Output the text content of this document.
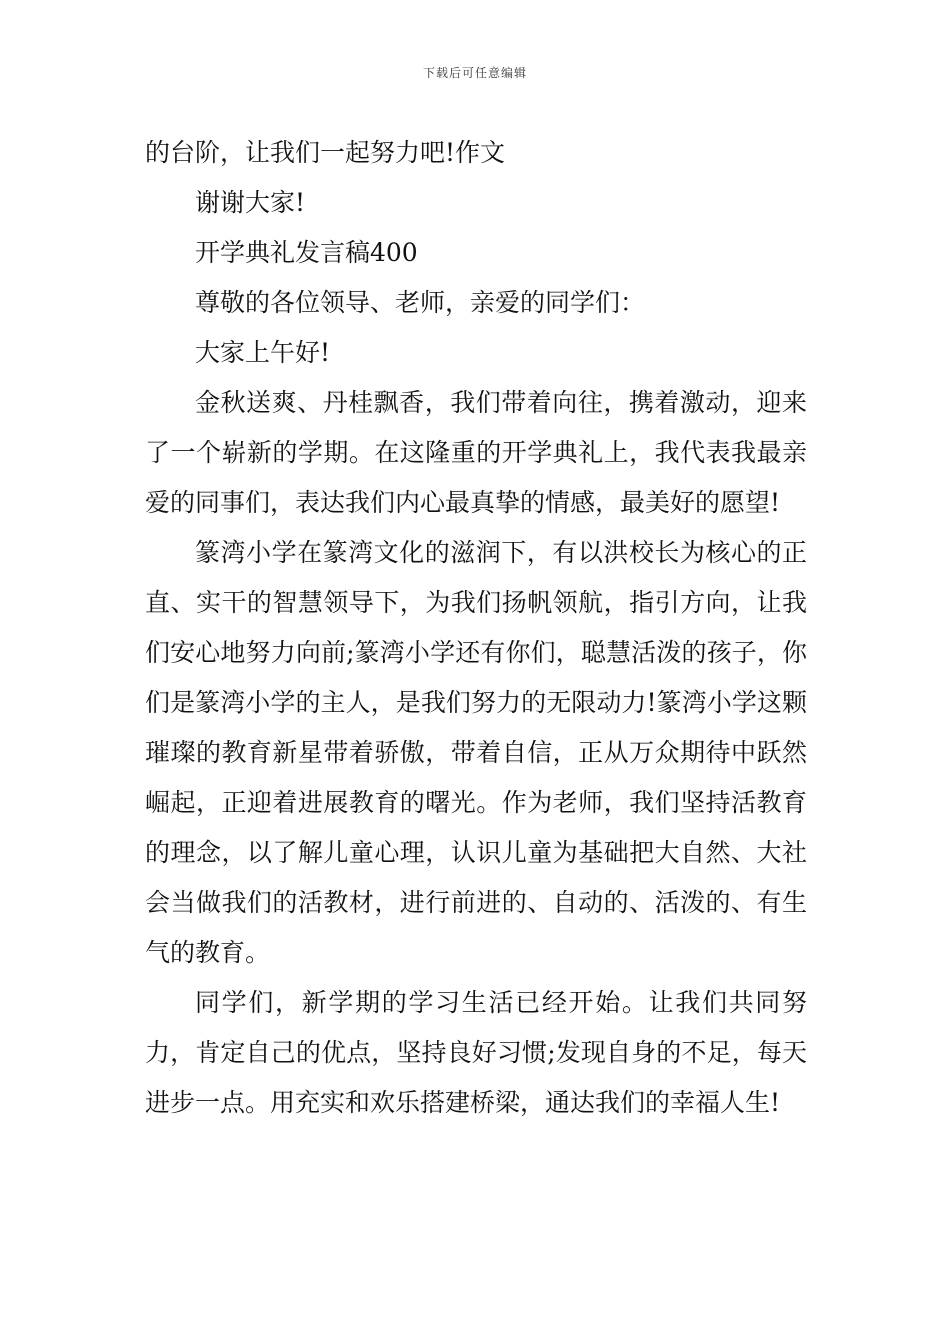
下载后可任意编辑

的台阶，让我们一起努力吧!作文

谢谢大家!

开学典礼发言稿400

尊敬的各位领导、老师，亲爱的同学们：

大家上午好!

金秋送爽、丹桂飘香，我们带着向往，携着激动，迎来了一个崭新的学期。在这隆重的开学典礼上，我代表我最亲爱的同事们，表达我们内心最真挚的情感，最美好的愿望!

篆湾小学在篆湾文化的滋润下，有以洪校长为核心的正直、实干的智慧领导下，为我们扬帆领航，指引方向，让我们安心地努力向前;篆湾小学还有你们，聪慧活泼的孩子，你们是篆湾小学的主人，是我们努力的无限动力!篆湾小学这颗璀璨的教育新星带着骄傲，带着自信，正从万众期待中跃然崛起，正迎着进展教育的曙光。作为老师，我们坚持活教育的理念，以了解儿童心理，认识儿童为基础把大自然、大社会当做我们的活教材，进行前进的、自动的、活泼的、有生气的教育。

同学们，新学期的学习生活已经开始。让我们共同努力，肯定自己的优点，坚持良好习惯;发现自身的不足，每天进步一点。用充实和欢乐搭建桥梁，通达我们的幸福人生!
